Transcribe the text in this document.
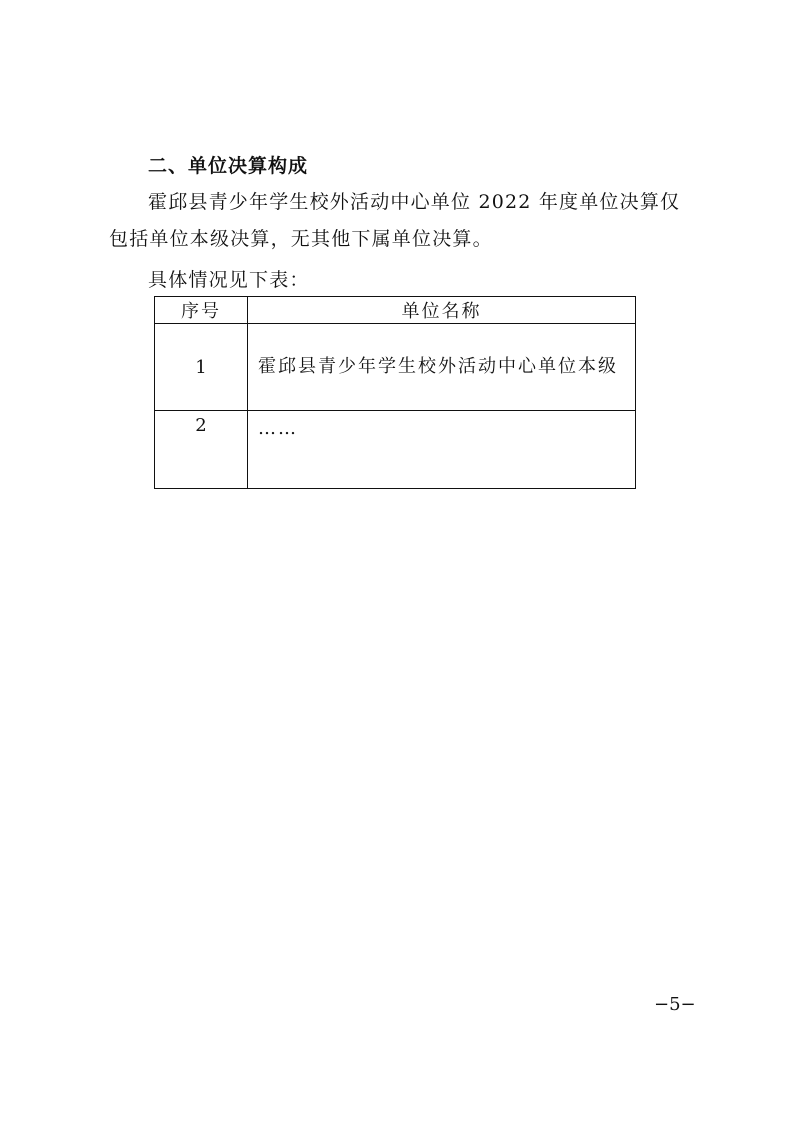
二、单位决算构成

霍邱县青少年学生校外活动中心单位 2022 年度单位决算仅包括单位本级决算，无其他下属单位决算。

具体情况见下表：

序号	单位名称
1	霍邱县青少年学生校外活动中心单位本级
2	……

−5−
